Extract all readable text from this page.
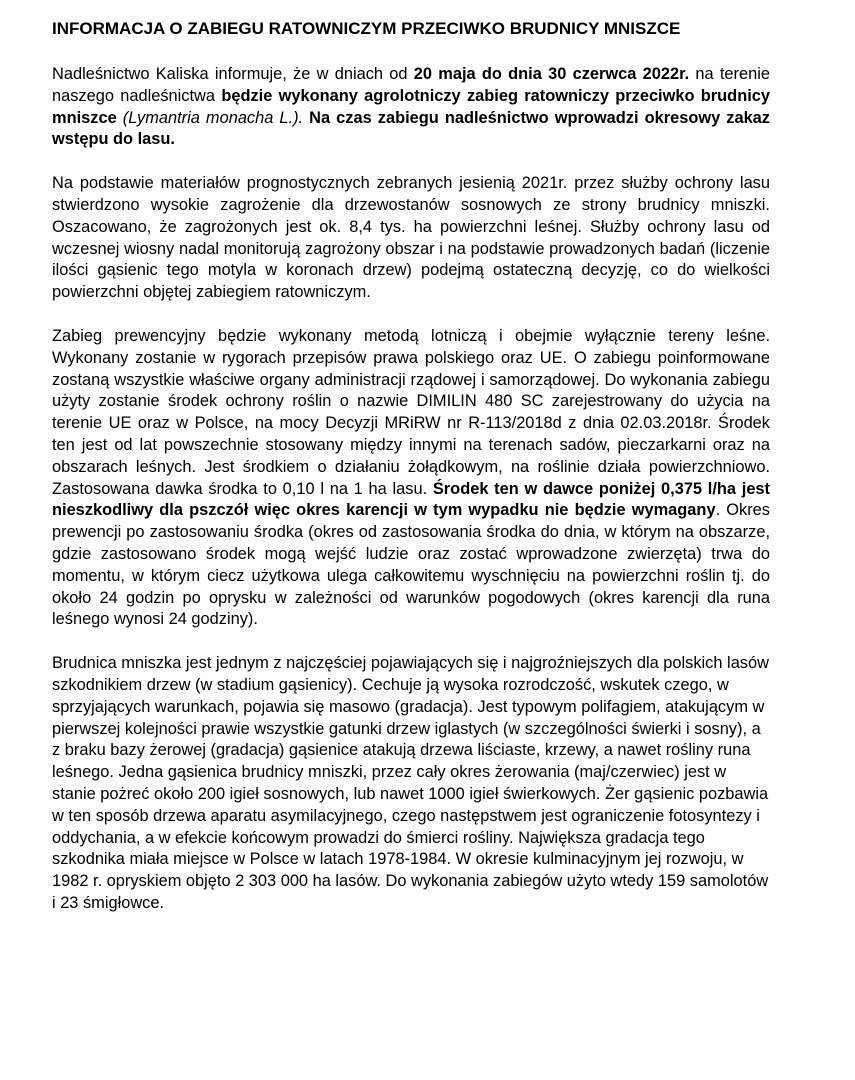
INFORMACJA O ZABIEGU RATOWNICZYM PRZECIWKO BRUDNICY MNISZCE

Nadleśnictwo Kaliska informuje, że w dniach od 20 maja do dnia 30 czerwca 2022r. na terenie naszego nadleśnictwa będzie wykonany agrolotniczy zabieg ratowniczy przeciwko brudnicy mniszce (Lymantria monacha L.). Na czas zabiegu nadleśnictwo wprowadzi okresowy zakaz wstępu do lasu.

Na podstawie materiałów prognostycznych zebranych jesienią 2021r. przez służby ochrony lasu stwierdzono wysokie zagrożenie dla drzewostanów sosnowych ze strony brudnicy mniszki. Oszacowano, że zagrożonych jest ok. 8,4 tys. ha powierzchni leśnej. Służby ochrony lasu od wczesnej wiosny nadal monitorują zagrożony obszar i na podstawie prowadzonych badań (liczenie ilości gąsienic tego motyla w koronach drzew) podejmą ostateczną decyzję, co do wielkości powierzchni objętej zabiegiem ratowniczym.

Zabieg prewencyjny będzie wykonany metodą lotniczą i obejmie wyłącznie tereny leśne. Wykonany zostanie w rygorach przepisów prawa polskiego oraz UE. O zabiegu poinformowane zostaną wszystkie właściwe organy administracji rządowej i samorządowej. Do wykonania zabiegu użyty zostanie środek ochrony roślin o nazwie DIMILIN 480 SC zarejestrowany do użycia na terenie UE oraz w Polsce, na mocy Decyzji MRiRW nr R-113/2018d z dnia 02.03.2018r. Środek ten jest od lat powszechnie stosowany między innymi na terenach sadów, pieczarkarni oraz na obszarach leśnych. Jest środkiem o działaniu żołądkowym, na roślinie działa powierzchniowo. Zastosowana dawka środka to 0,10 l na 1 ha lasu. Środek ten w dawce poniżej 0,375 l/ha jest nieszkodliwy dla pszczół więc okres karencji w tym wypadku nie będzie wymagany. Okres prewencji po zastosowaniu środka (okres od zastosowania środka do dnia, w którym na obszarze, gdzie zastosowano środek mogą wejść ludzie oraz zostać wprowadzone zwierzęta) trwa do momentu, w którym ciecz użytkowa ulega całkowitemu wyschnięciu na powierzchni roślin tj. do około 24 godzin po oprysku w zależności od warunków pogodowych (okres karencji dla runa leśnego wynosi 24 godziny).

Brudnica mniszka jest jednym z najczęściej pojawiających się i najgroźniejszych dla polskich lasów szkodnikiem drzew (w stadium gąsienicy). Cechuje ją wysoka rozrodczość, wskutek czego, w sprzyjających warunkach, pojawia się masowo (gradacja). Jest typowym polifagiem, atakującym w pierwszej kolejności prawie wszystkie gatunki drzew iglastych (w szczególności świerki i sosny), a z braku bazy żerowej (gradacja) gąsienice atakują drzewa liściaste, krzewy, a nawet rośliny runa leśnego. Jedna gąsienica brudnicy mniszki, przez cały okres żerowania (maj/czerwiec) jest w stanie pożreć około 200 igieł sosnowych, lub nawet 1000 igieł świerkowych. Żer gąsienic pozbawia w ten sposób drzewa aparatu asymilacyjnego, czego następstwem jest ograniczenie fotosyntezy i oddychania, a w efekcie końcowym prowadzi do śmierci rośliny. Największa gradacja tego szkodnika miała miejsce w Polsce w latach 1978-1984. W okresie kulminacyjnym jej rozwoju, w 1982 r. opryskiem objęto 2 303 000 ha lasów. Do wykonania zabiegów użyto wtedy 159 samolotów i 23 śmigłowce.
